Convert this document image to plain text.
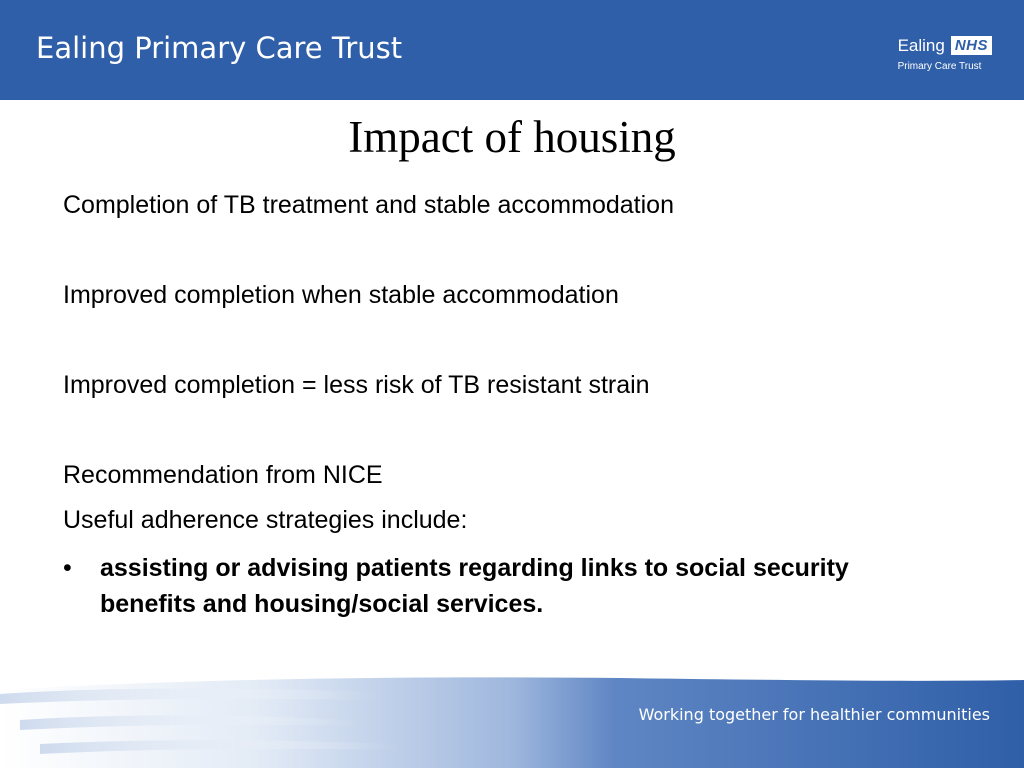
Ealing Primary Care Trust	Ealing NHS
Primary Care Trust
Impact of housing
Completion of TB treatment and stable accommodation
Improved completion when stable accommodation
Improved completion = less risk of TB resistant strain
Recommendation from NICE
Useful adherence strategies include:
•	assisting or advising patients regarding links to social security benefits and housing/social services.
Working together for healthier communities
